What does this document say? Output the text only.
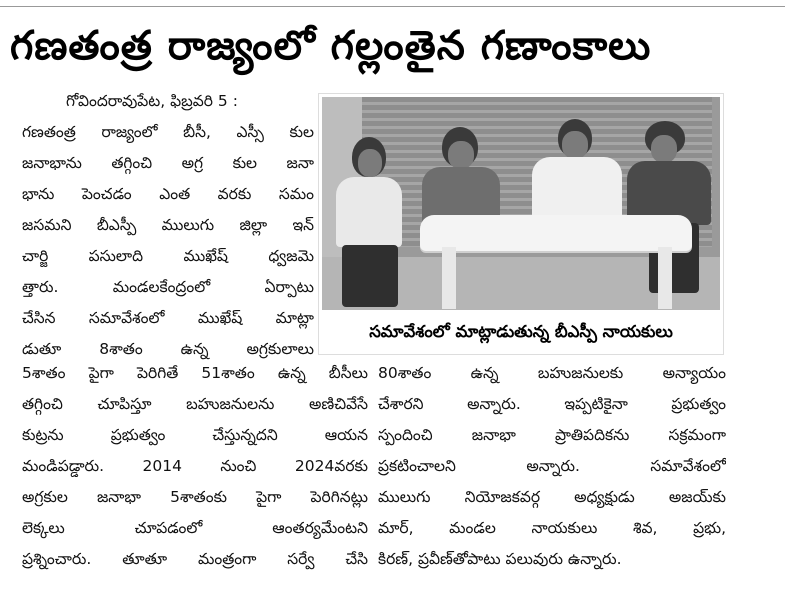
గణతంత్ర రాజ్యంలో గల్లంతైన గణాంకాలు
గోవిందరావుపేట, ఫిబ్రవరి 5 :
గణతంత్ర రాజ్యంలో బీసీ, ఎస్సీ కుల
జనాభాను తగ్గించి అగ్ర కుల జనా
భాను పెంచడం ఎంత వరకు సమం
జసమని బీఎస్పీ ములుగు జిల్లా ఇన్
చార్జి పసులాది ముఖేష్ ధ్వజమె
త్తారు. మండలకేంద్రంలో ఏర్పాటు
చేసిన సమావేశంలో ముఖేష్ మాట్లా
డుతూ 8శాతం ఉన్న అగ్రకులాలు
సమావేశంలో మాట్లాడుతున్న బీఎస్పీ నాయకులు
5శాతం పైగా పెరిగితే 51శాతం ఉన్న బీసీలు
తగ్గించి చూపిస్తూ బహుజనులను అణిచివేసే
కుట్రను ప్రభుత్వం చేస్తున్నదని ఆయన
మండిపడ్డారు. 2014 నుంచి 2024వరకు
అగ్రకుల జనాభా 5శాతంకు పైగా పెరిగినట్లు
లెక్కలు చూపడంలో ఆంతర్యమేంటని
ప్రశ్నించారు. తూతూ మంత్రంగా సర్వే చేసి
80శాతం ఉన్న బహుజనులకు అన్యాయం
చేశారని అన్నారు. ఇప్పటికైనా ప్రభుత్వం
స్పందించి జనాభా ప్రాతిపదికను సక్రమంగా
ప్రకటించాలని అన్నారు. సమావేశంలో
ములుగు నియోజకవర్గ అధ్యక్షుడు అజయ్‌కు
మార్, మండల నాయకులు శివ, ప్రభు,
కిరణ్, ప్రవీణ్‌తోపాటు పలువురు ఉన్నారు.
